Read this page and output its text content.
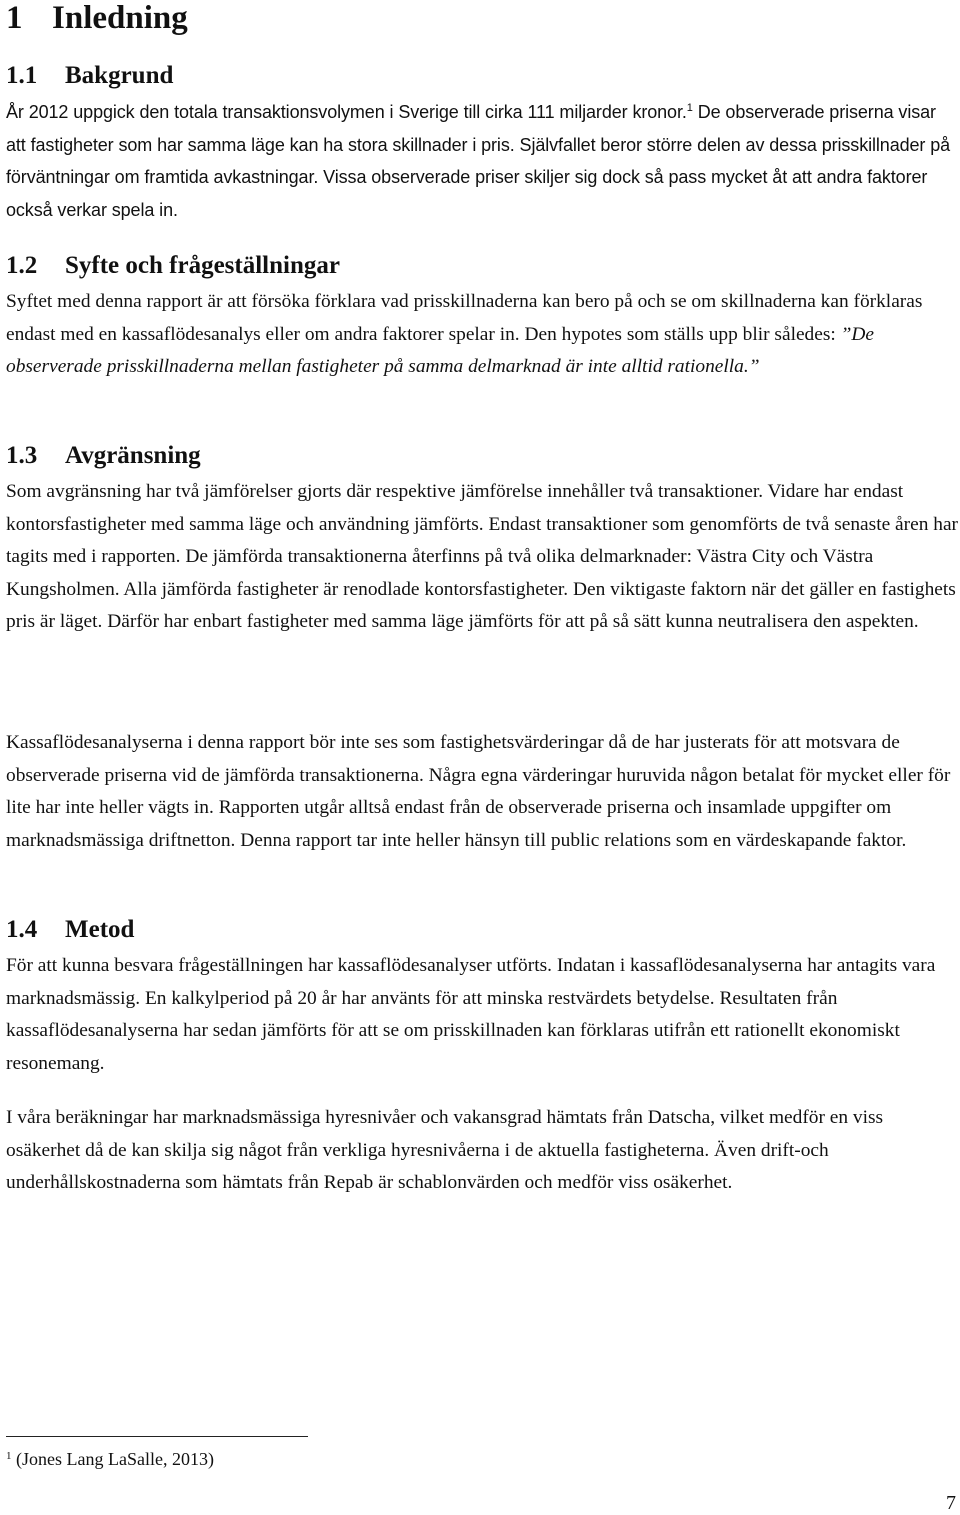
1 Inledning
1.1 Bakgrund

År 2012 uppgick den totala transaktionsvolymen i Sverige till cirka 111 miljarder kronor.$^1$ De observerade priserna visar att fastigheter som har samma läge kan ha stora skillnader i pris. Självfallet beror större delen av dessa prisskillnader på förväntningar om framtida avkastningar. Vissa observerade priser skiljer sig dock så pass mycket åt att andra faktorer också verkar spela in.

1.2 Syfte och frågeställningar

Syftet med denna rapport är att försöka förklara vad prisskillnaderna kan bero på och se om skillnaderna kan förklaras endast med en kassaflödesanalys eller om andra faktorer spelar in. Den hypotes som ställs upp blir således: ”De observerade prisskillnaderna mellan fastigheter på samma delmarknad är inte alltid rationella.”

1.3 Avgränsning

Som avgränsning har två jämförelser gjorts där respektive jämförelse innehåller två transaktioner. Vidare har endast kontorsfastigheter med samma läge och användning jämförts. Endast transaktioner som genomförts de två senaste åren har tagits med i rapporten. De jämförda transaktionerna återfinns på två olika delmarknader: Västra City och Västra Kungsholmen. Alla jämförda fastigheter är renodlade kontorsfastigheter. Den viktigaste faktorn när det gäller en fastighets pris är läget. Därför har enbart fastigheter med samma läge jämförts för att på så sätt kunna neutralisera den aspekten.

Kassaflödesanalyserna i denna rapport bör inte ses som fastighetsvärderingar då de har justerats för att motsvara de observerade priserna vid de jämförda transaktionerna. Några egna värderingar huruvida någon betalat för mycket eller för lite har inte heller vägts in. Rapporten utgår alltså endast från de observerade priserna och insamlade uppgifter om marknadsmässiga driftnetton. Denna rapport tar inte heller hänsyn till public relations som en värdeskapande faktor.

1.4 Metod

För att kunna besvara frågeställningen har kassaflödesanalyser utförts. Indatan i kassaflödesanalyserna har antagits vara marknadsmässig. En kalkylperiod på 20 år har använts för att minska restvärdets betydelse. Resultaten från kassaflödesanalyserna har sedan jämförts för att se om prisskillnaden kan förklaras utifrån ett rationellt ekonomiskt resonemang.

I våra beräkningar har marknadsmässiga hyresnivåer och vakansgrad hämtats från Datscha, vilket medför en viss osäkerhet då de kan skilja sig något från verkliga hyresnivåerna i de aktuella fastigheterna. Även drift-och underhållskostnaderna som hämtats från Repab är schablonvärden och medför viss osäkerhet.

$^1$ (Jones Lang LaSalle, 2013)
7
